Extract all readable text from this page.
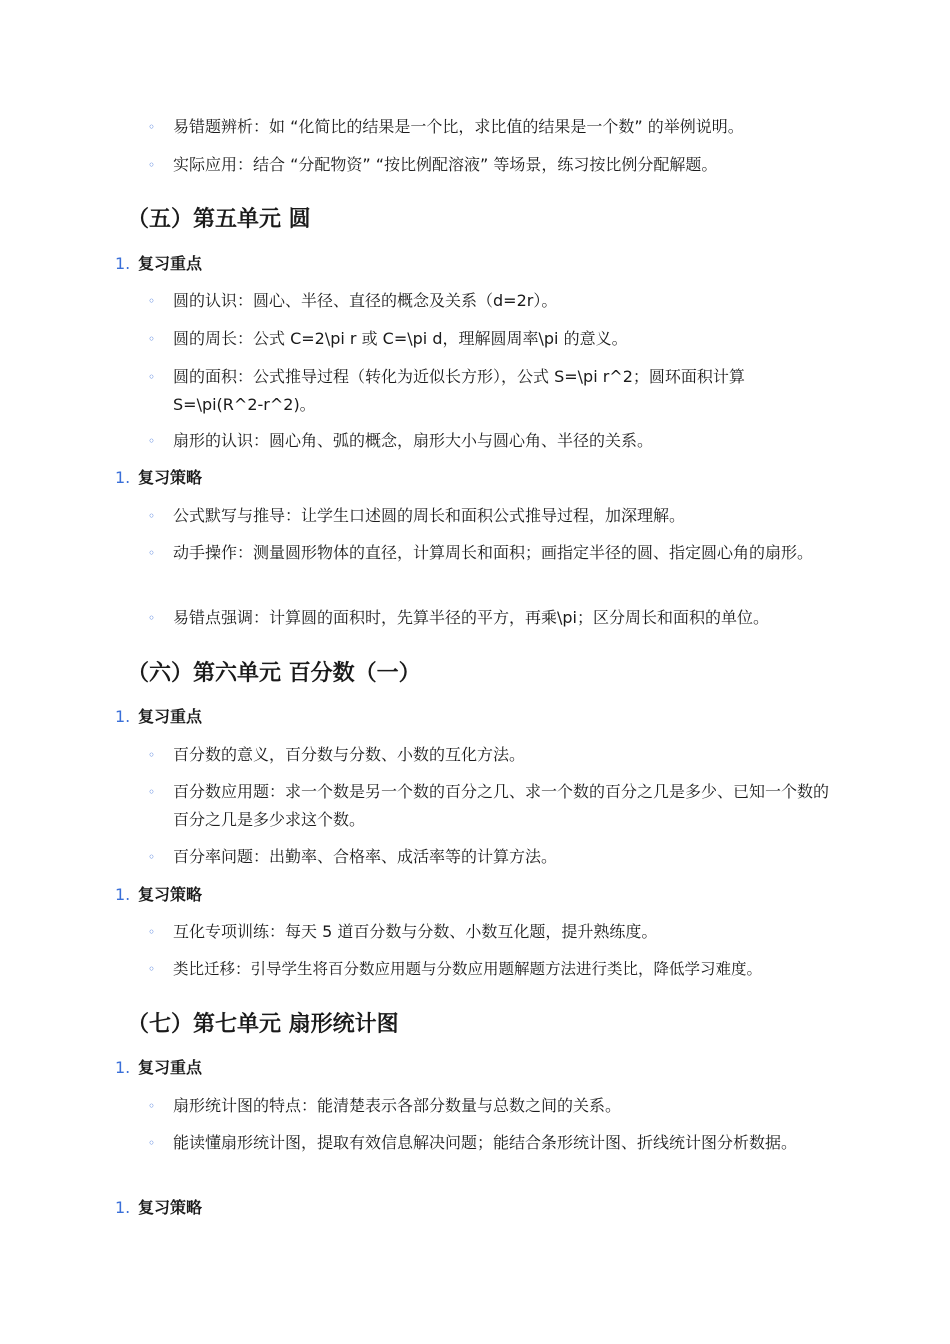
◦ 易错题辨析：如 “化简比的结果是一个比，求比值的结果是一个数” 的举例说明。
◦ 实际应用：结合 “分配物资” “按比例配溶液” 等场景，练习按比例分配解题。
（五）第五单元 圆
1. 复习重点
◦ 圆的认识：圆心、半径、直径的概念及关系（d=2r）。
◦ 圆的周长：公式 C=2\pi r 或 C=\pi d，理解圆周率\pi 的意义。
◦ 圆的面积：公式推导过程（转化为近似长方形），公式 S=\pi r^2；圆环面积计算 S=\pi(R^2-r^2)。
◦ 扇形的认识：圆心角、弧的概念，扇形大小与圆心角、半径的关系。
1. 复习策略
◦ 公式默写与推导：让学生口述圆的周长和面积公式推导过程，加深理解。
◦ 动手操作：测量圆形物体的直径，计算周长和面积；画指定半径的圆、指定圆心角的扇形。
◦ 易错点强调：计算圆的面积时，先算半径的平方，再乘\pi；区分周长和面积的单位。
（六）第六单元 百分数（一）
1. 复习重点
◦ 百分数的意义，百分数与分数、小数的互化方法。
◦ 百分数应用题：求一个数是另一个数的百分之几、求一个数的百分之几是多少、已知一个数的百分之几是多少求这个数。
◦ 百分率问题：出勤率、合格率、成活率等的计算方法。
1. 复习策略
◦ 互化专项训练：每天 5 道百分数与分数、小数互化题，提升熟练度。
◦ 类比迁移：引导学生将百分数应用题与分数应用题解题方法进行类比，降低学习难度。
（七）第七单元 扇形统计图
1. 复习重点
◦ 扇形统计图的特点：能清楚表示各部分数量与总数之间的关系。
◦ 能读懂扇形统计图，提取有效信息解决问题；能结合条形统计图、折线统计图分析数据。
1. 复习策略
